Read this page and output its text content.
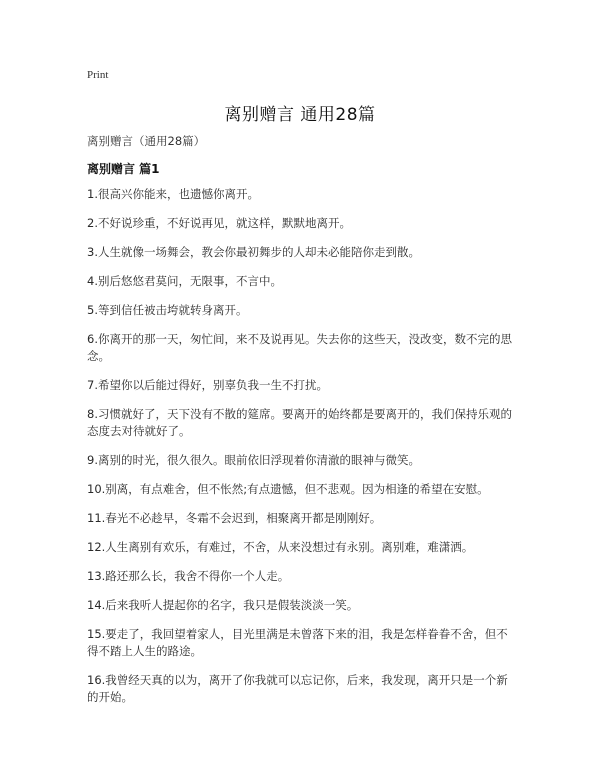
Print
离别赠言 通用28篇
离别赠言（通用28篇）
离别赠言 篇1
1.很高兴你能来，也遗憾你离开。
2.不好说珍重，不好说再见，就这样，默默地离开。
3.人生就像一场舞会，教会你最初舞步的人却未必能陪你走到散。
4.别后悠悠君莫问，无限事，不言中。
5.等到信任被击垮就转身离开。
6.你离开的那一天，匆忙间，来不及说再见。失去你的这些天，没改变，数不完的思念。
7.希望你以后能过得好，别辜负我一生不打扰。
8.习惯就好了，天下没有不散的筵席。要离开的始终都是要离开的，我们保持乐观的态度去对待就好了。
9.离别的时光，很久很久。眼前依旧浮现着你清澈的眼神与微笑。
10.别离，有点难舍，但不怅然;有点遗憾，但不悲观。因为相逢的希望在安慰。
11.春光不必趁早，冬霜不会迟到，相聚离开都是刚刚好。
12.人生离别有欢乐，有难过，不舍，从来没想过有永别。离别难，难潇洒。
13.路还那么长，我舍不得你一个人走。
14.后来我听人提起你的名字，我只是假装淡淡一笑。
15.要走了，我回望着家人，目光里满是未曾落下来的泪，我是怎样眷眷不舍，但不得不踏上人生的路途。
16.我曾经天真的以为，离开了你我就可以忘记你，后来，我发现，离开只是一个新的开始。
